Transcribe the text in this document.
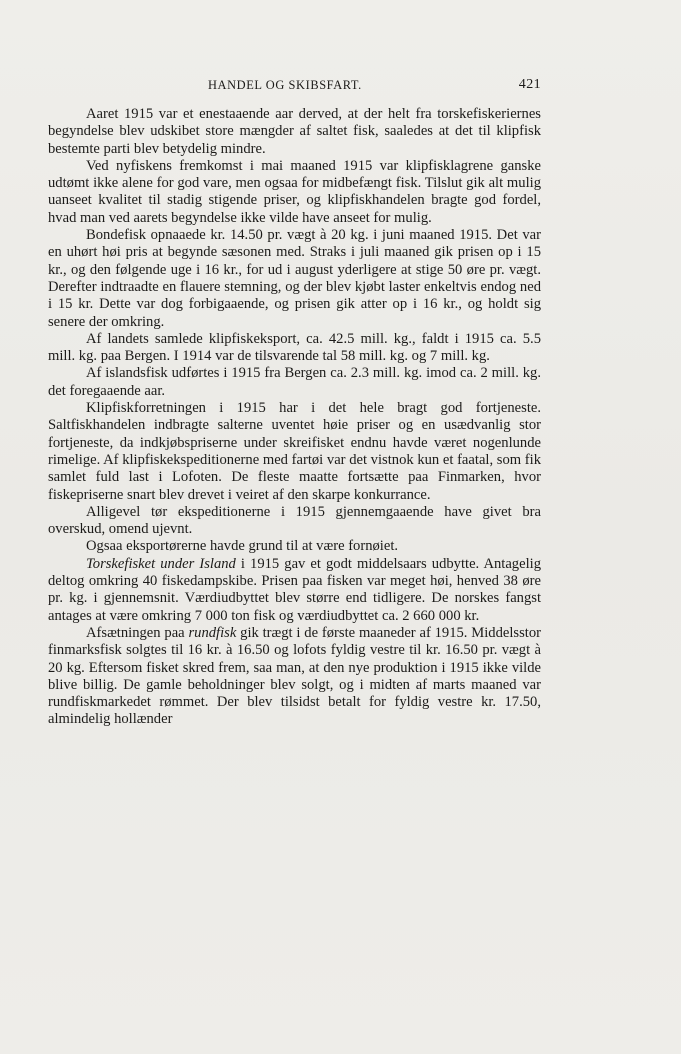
HANDEL OG SKIBSFART.	421

Aaret 1915 var et enestaaende aar derved, at der helt fra torskefiskeriernes begyndelse blev udskibet store mængder af saltet fisk, saaledes at det til klipfisk bestemte parti blev betydelig mindre.

Ved nyfiskens fremkomst i mai maaned 1915 var klipfisklagrene ganske udtømt ikke alene for god vare, men ogsaa for midbefængt fisk. Tilslut gik alt mulig uanseet kvalitet til stadig stigende priser, og klipfiskhandelen bragte god fordel, hvad man ved aarets begyndelse ikke vilde have anseet for mulig.

Bondefisk opnaaede kr. 14.50 pr. vægt à 20 kg. i juni maaned 1915. Det var en uhørt høi pris at begynde sæsonen med. Straks i juli maaned gik prisen op i 15 kr., og den følgende uge i 16 kr., for ud i august yderligere at stige 50 øre pr. vægt. Derefter indtraadte en flauere stemning, og der blev kjøbt laster enkeltvis endog ned i 15 kr. Dette var dog forbigaaende, og prisen gik atter op i 16 kr., og holdt sig senere der omkring.

Af landets samlede klipfiskeksport, ca. 42.5 mill. kg., faldt i 1915 ca. 5.5 mill. kg. paa Bergen. I 1914 var de tilsvarende tal 58 mill. kg. og 7 mill. kg.

Af islandsfisk udførtes i 1915 fra Bergen ca. 2.3 mill. kg. imod ca. 2 mill. kg. det foregaaende aar.

Klipfiskforretningen i 1915 har i det hele bragt god fortjeneste. Saltfiskhandelen indbragte salterne uventet høie priser og en usædvanlig stor fortjeneste, da indkjøbspriserne under skreifisket endnu havde været nogenlunde rimelige. Af klipfiskekspeditionerne med fartøi var det vistnok kun et faatal, som fik samlet fuld last i Lofoten. De fleste maatte fortsætte paa Finmarken, hvor fiskepriserne snart blev drevet i veiret af den skarpe konkurrance.

Alligevel tør ekspeditionerne i 1915 gjennemgaaende have givet bra overskud, omend ujevnt.

Ogsaa eksportørerne havde grund til at være fornøiet.

Torskefisket under Island i 1915 gav et godt middelsaars udbytte. Antagelig deltog omkring 40 fiskedampskibe. Prisen paa fisken var meget høi, henved 38 øre pr. kg. i gjennemsnit. Værdiudbyttet blev større end tidligere. De norskes fangst antages at være omkring 7 000 ton fisk og værdiudbyttet ca. 2 660 000 kr.

Afsætningen paa rundfisk gik trægt i de første maaneder af 1915. Middelsstor finmarksfisk solgtes til 16 kr. à 16.50 og lofots fyldig vestre til kr. 16.50 pr. vægt à 20 kg. Eftersom fisket skred frem, saa man, at den nye produktion i 1915 ikke vilde blive billig. De gamle beholdninger blev solgt, og i midten af marts maaned var rundfiskmarkedet rømmet. Der blev tilsidst betalt for fyldig vestre kr. 17.50, almindelig hollænder
